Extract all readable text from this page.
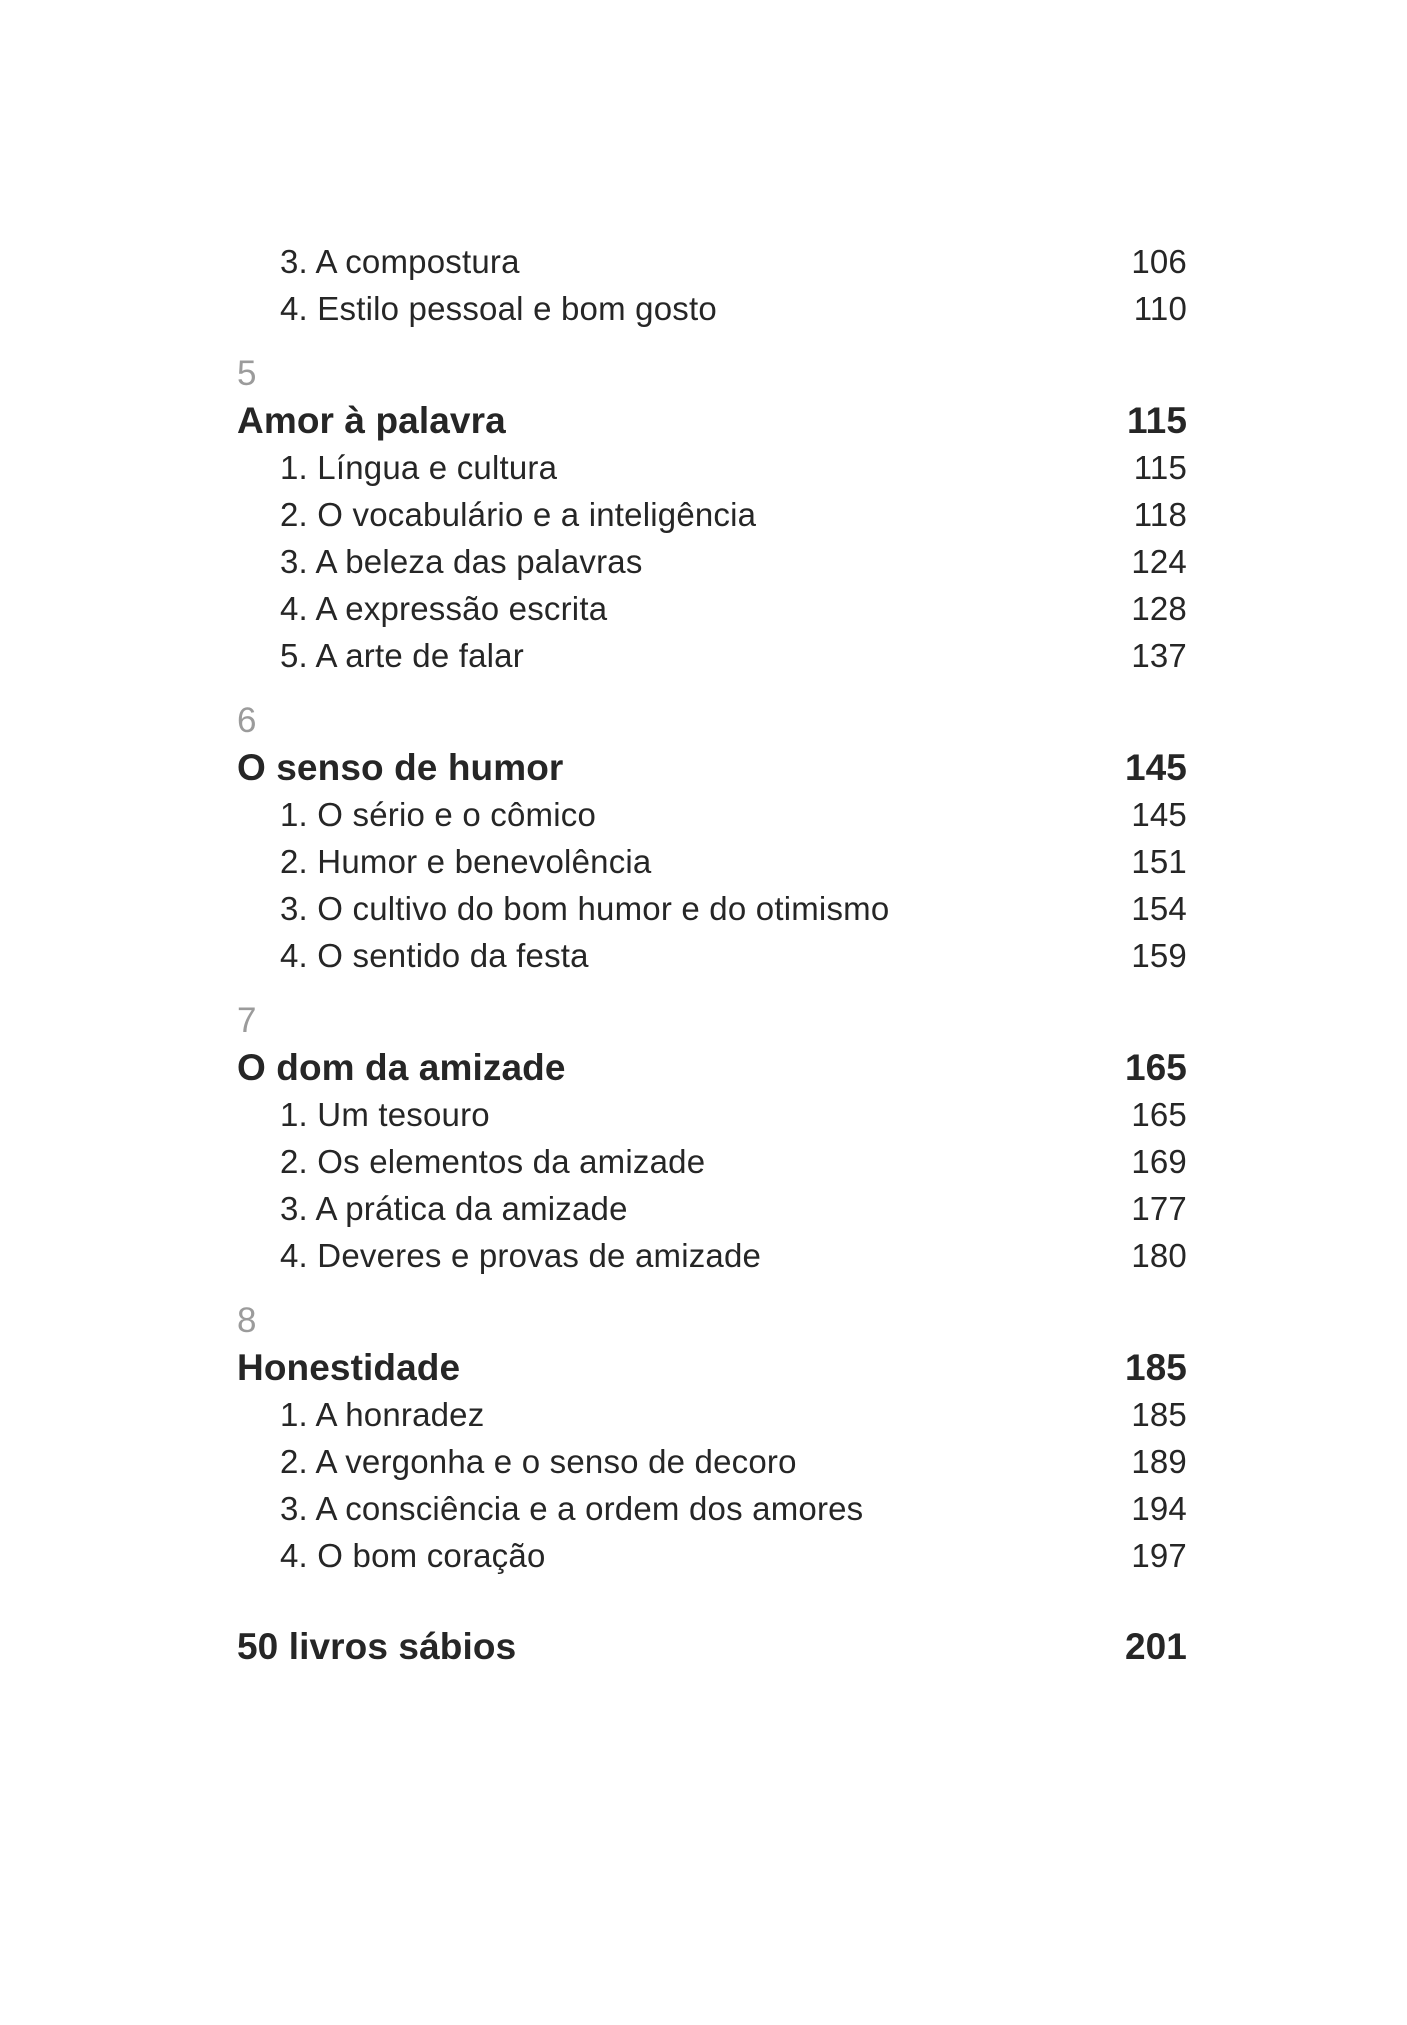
3. A compostura	106
4. Estilo pessoal e bom gosto	110
5
Amor à palavra	115
1. Língua e cultura	115
2. O vocabulário e a inteligência	118
3. A beleza das palavras	124
4. A expressão escrita	128
5. A arte de falar	137
6
O senso de humor	145
1. O sério e o cômico	145
2. Humor e benevolência	151
3. O cultivo do bom humor e do otimismo	154
4. O sentido da festa	159
7
O dom da amizade	165
1. Um tesouro	165
2. Os elementos da amizade	169
3. A prática da amizade	177
4. Deveres e provas de amizade	180
8
Honestidade	185
1. A honradez	185
2. A vergonha e o senso de decoro	189
3. A consciência e a ordem dos amores	194
4. O bom coração	197
50 livros sábios	201
